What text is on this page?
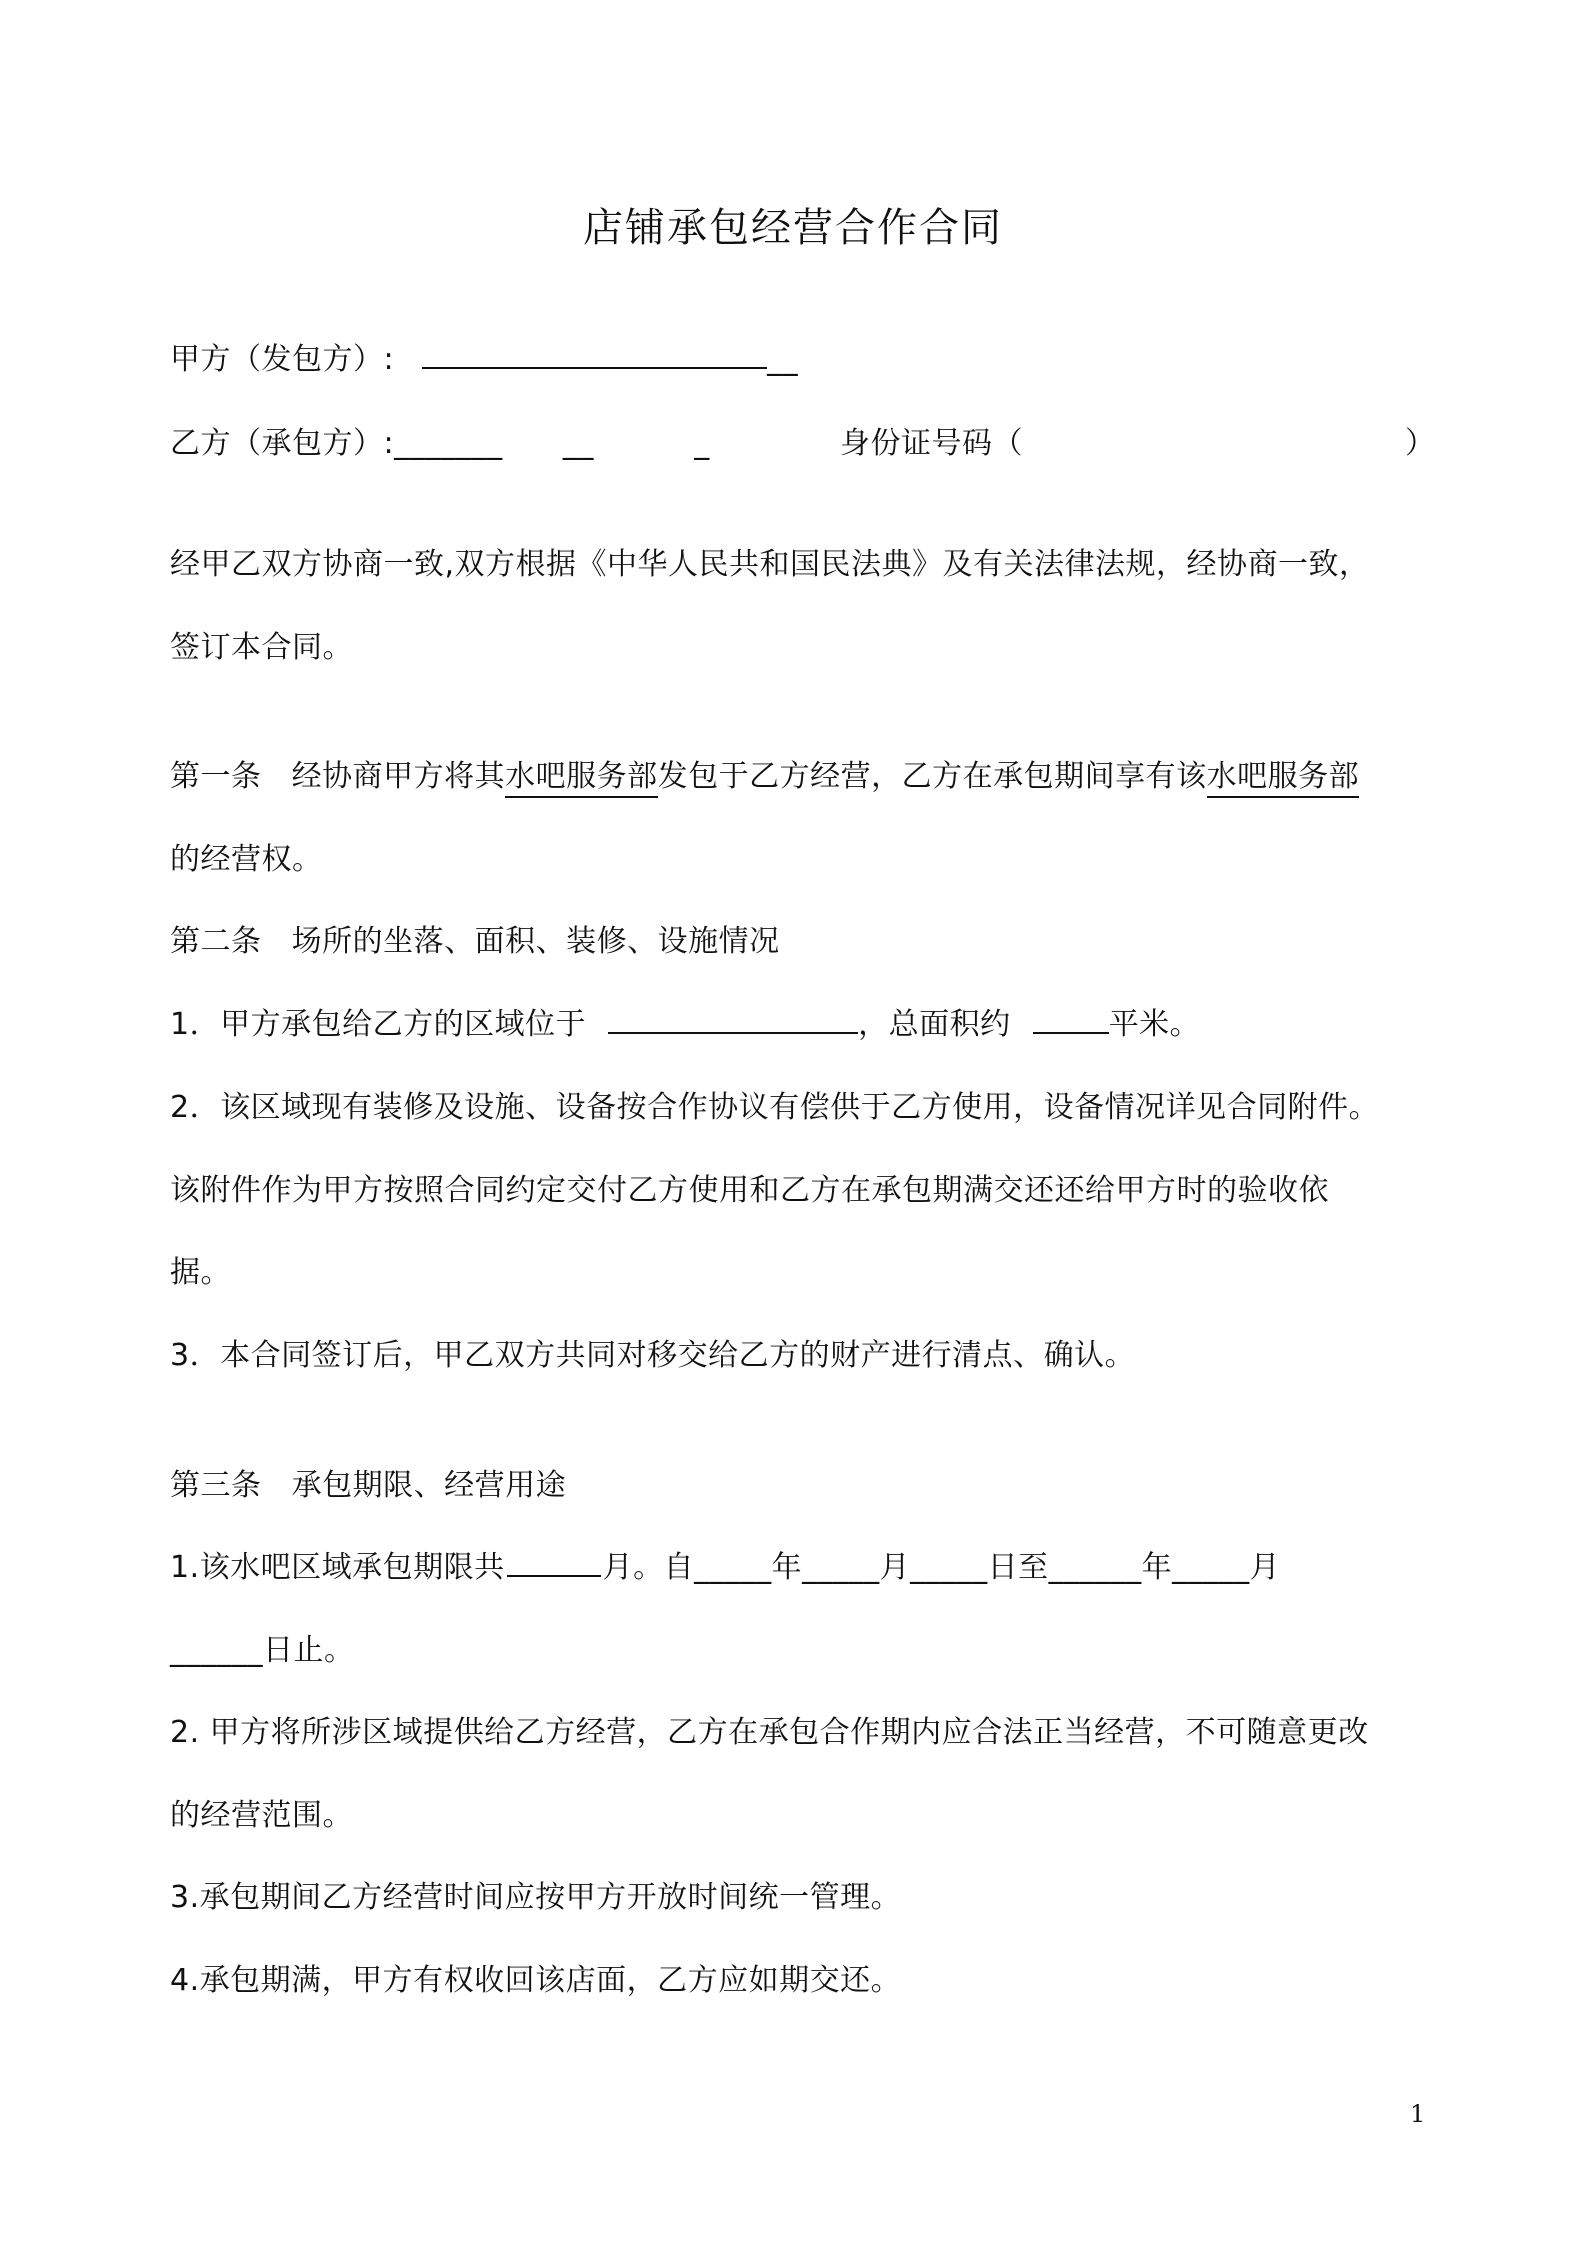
店铺承包经营合作合同
甲方（发包方）:	__
乙方（承包方）:_______      __          _	身份证号码（	）
经甲乙双方协商一致,双方根据《中华人民共和国民法典》及有关法律法规，经协商一致，
签订本合同。
第一条   经协商甲方将其水吧服务部发包于乙方经营，乙方在承包期间享有该水吧服务部
的经营权。
第二条   场所的坐落、面积、装修、设施情况
1．甲方承包给乙方的区域位于	，总面积约	平米。
2．该区域现有装修及设施、设备按合作协议有偿供于乙方使用，设备情况详见合同附件。
该附件作为甲方按照合同约定交付乙方使用和乙方在承包期满交还还给甲方时的验收依
据。
3．本合同签订后，甲乙双方共同对移交给乙方的财产进行清点、确认。
第三条   承包期限、经营用途
1.该水吧区域承包期限共	月。自_____年_____月_____日至______年_____月
______日止。
2. 甲方将所涉区域提供给乙方经营，乙方在承包合作期内应合法正当经营，不可随意更改
的经营范围。
3.承包期间乙方经营时间应按甲方开放时间统一管理。
4.承包期满，甲方有权收回该店面，乙方应如期交还。
1
